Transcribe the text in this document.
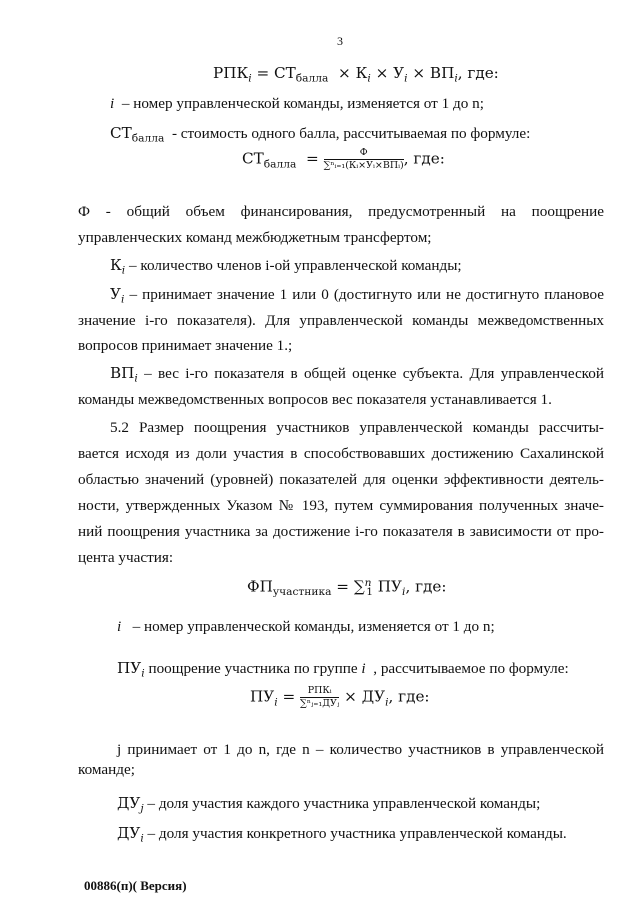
3
$РПК_i = СТ_{балла} \times К_i \times У_i \times ВП_i$, где:
i – номер управленческой команды, изменяется от 1 до n;
$СТ_{балла}$ - стоимость одного балла, рассчитываемая по формуле:
$СТ_{балла} = \frac{Ф}{\text{∑ⁿᵢ₌₁(Кᵢ×Уᵢ×ВПᵢ)}}$ , где:
Ф - общий объем финансирования, предусмотренный на поощрение
управленческих команд межбюджетным трансфертом;
$К_i$ – количество членов i-ой управленческой команды;
$У_i$ – принимает значение 1 или 0 (достигнуто или не достигнуто плановое
значение i-го показателя). Для управленческой команды межведомственных
вопросов принимает значение 1.;
$ВП_i$ – вес i-го показателя в общей оценке субъекта. Для управленческой
команды межведомственных вопросов вес показателя устанавливается 1.
5.2 Размер поощрения участников управленческой команды рассчиты-
вается исходя из доли участия в способствовавших достижению Сахалинской
областью значений (уровней) показателей для оценки эффективности деятель-
ности, утвержденных Указом № 193, путем суммирования полученных значе-
ний поощрения участника за достижение i-го показателя в зависимости от про-
цента участия:
$ФП_{участника} = \sum^n_1$ $ПУ_i$, где:
i – номер управленческой команды, изменяется от 1 до n;
$ПУ_i$ поощрение участника по группе i , рассчитываемое по формуле:
$ПУ_i = \frac{\text{РПКᵢ}}{\text{∑ⁿⱼ₌₁ДУⱼ}} \times ДУ_i$, где:
j принимает от 1 до n, где n – количество участников в управленческой
команде;
$ДУ_j$ – доля участия каждого участника управленческой команды;
$ДУ_i$ – доля участия конкретного участника управленческой команды.
00886(п)( Версия)
